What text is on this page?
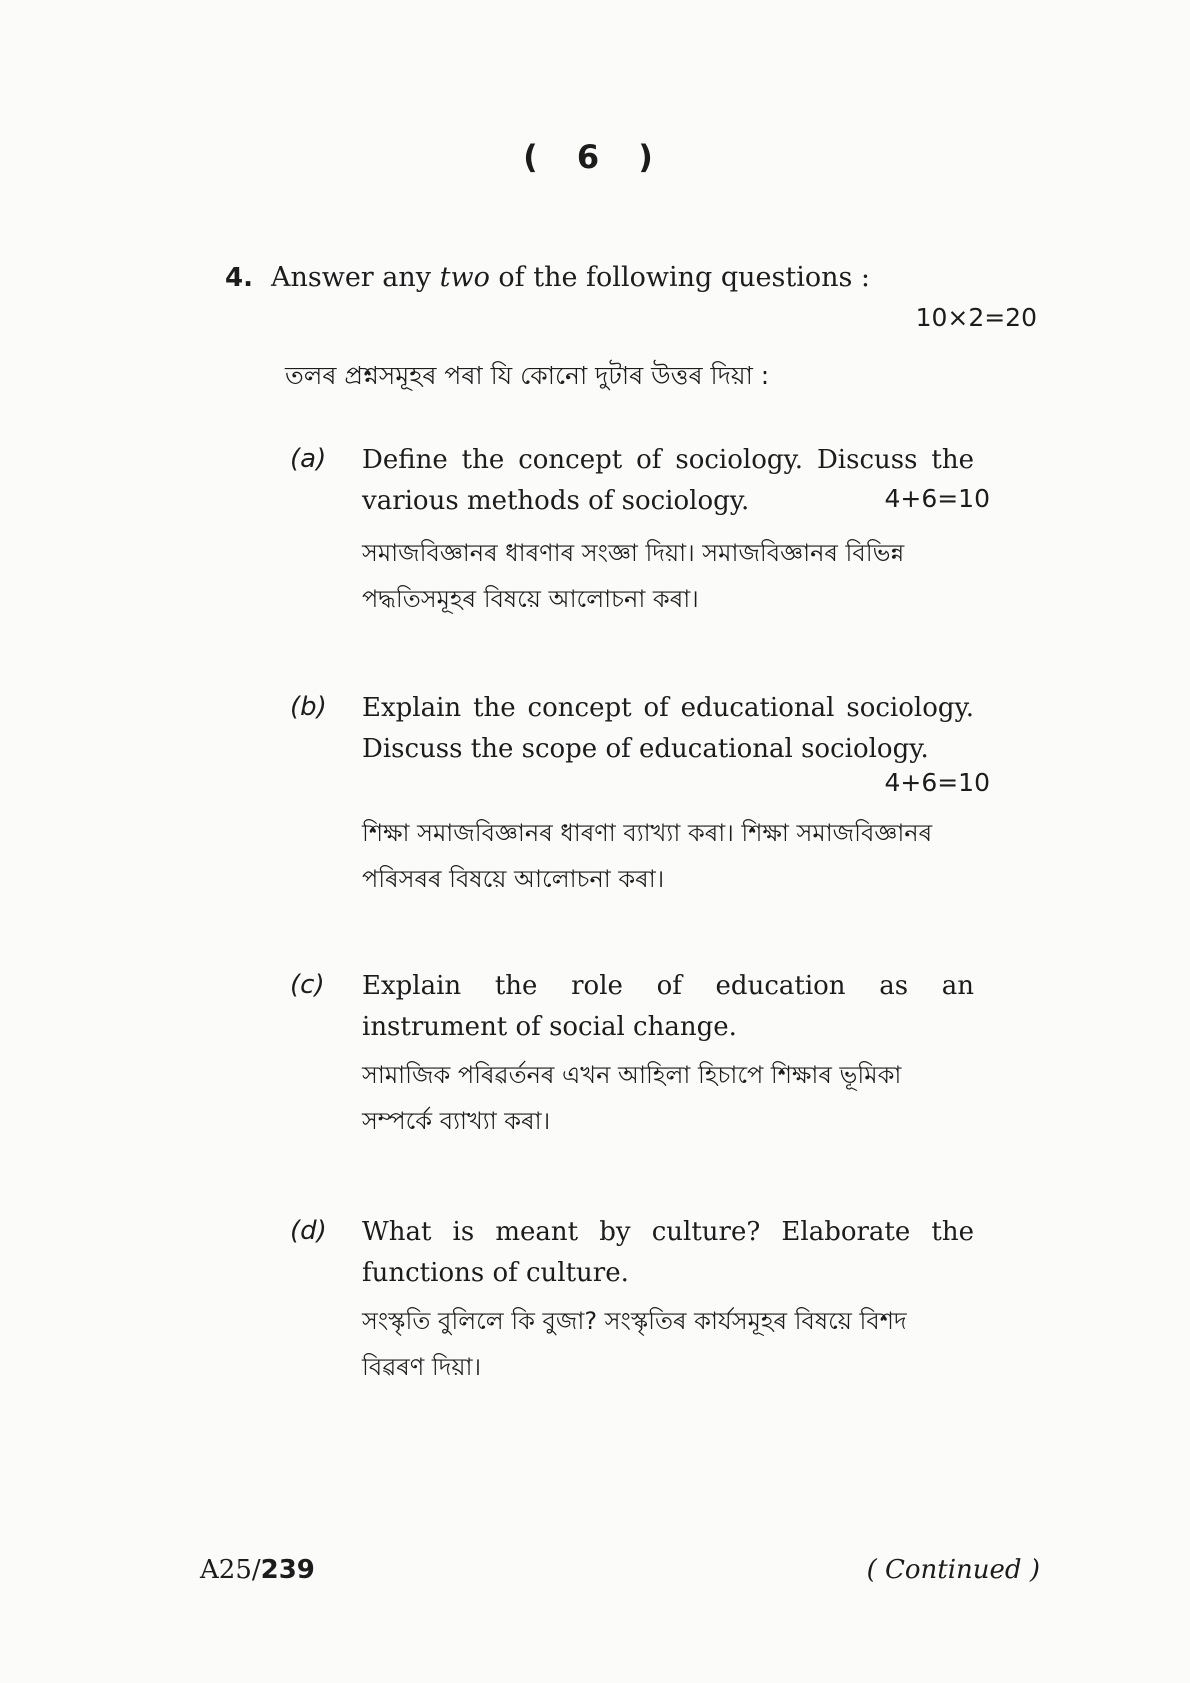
( 6 )
4. Answer any two of the following questions :
10×2=20
তলৰ প্ৰশ্নসমূহৰ পৰা যি কোনো দুটাৰ উত্তৰ দিয়া :
(a) Define the concept of sociology. Discuss the various methods of sociology.	4+6=10
সমাজবিজ্ঞানৰ ধাৰণাৰ সংজ্ঞা দিয়া। সমাজবিজ্ঞানৰ বিভিন্ন পদ্ধতিসমূহৰ বিষয়ে আলোচনা কৰা।
(b) Explain the concept of educational sociology. Discuss the scope of educational sociology.
4+6=10
শিক্ষা সমাজবিজ্ঞানৰ ধাৰণা ব্যাখ্যা কৰা। শিক্ষা সমাজবিজ্ঞানৰ পৰিসৰৰ বিষয়ে আলোচনা কৰা।
(c) Explain the role of education as an instrument of social change.
সামাজিক পৰিৱৰ্তনৰ এখন আহিলা হিচাপে শিক্ষাৰ ভূমিকা সম্পৰ্কে ব্যাখ্যা কৰা।
(d) What is meant by culture? Elaborate the functions of culture.
সংস্কৃতি বুলিলে কি বুজা? সংস্কৃতিৰ কাৰ্যসমূহৰ বিষয়ে বিশদ বিৱৰণ দিয়া।
A25/239	( Continued )
